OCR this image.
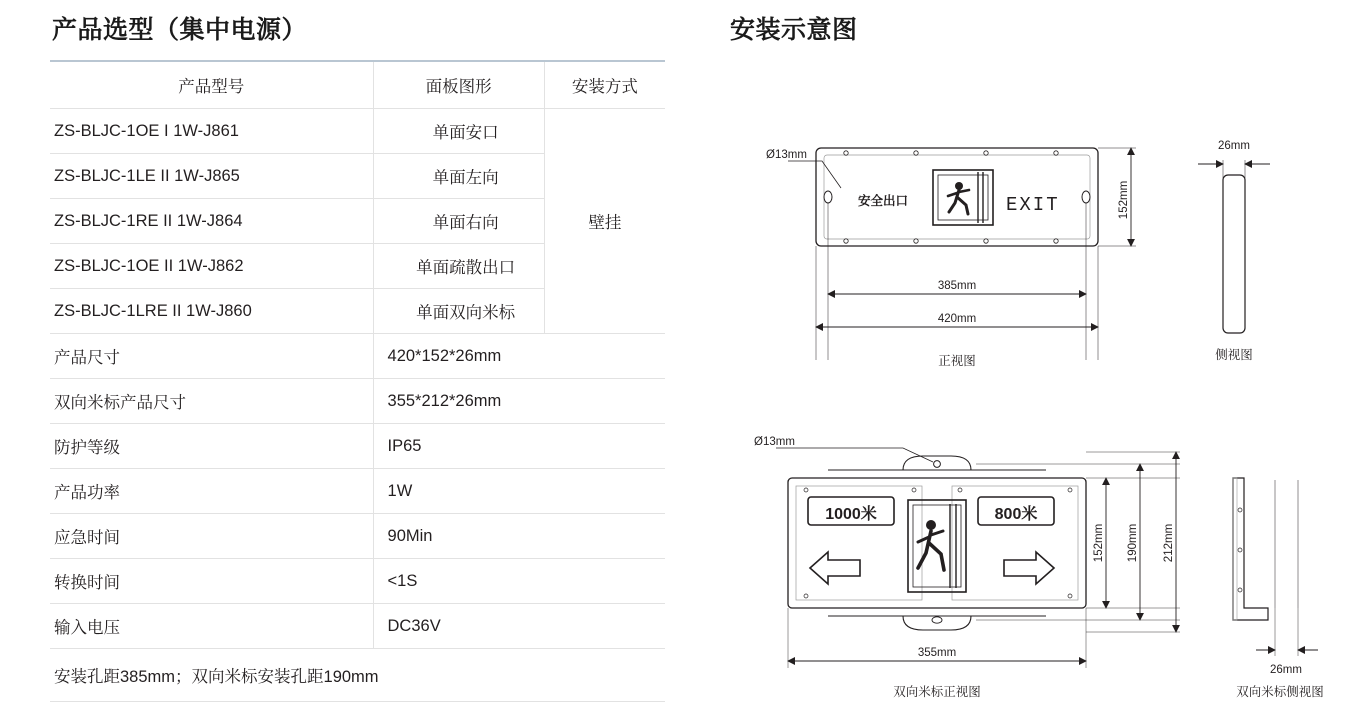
产品选型（集中电源）
产品型号	面板图形	安装方式
ZS-BLJC-1OE I 1W-J861	单面安口	壁挂
ZS-BLJC-1LE II 1W-J865	单面左向	
ZS-BLJC-1RE II 1W-J864	单面右向	
ZS-BLJC-1OE II 1W-J862	单面疏散出口	
ZS-BLJC-1LRE II 1W-J860	单面双向米标	
产品尺寸	420*152*26mm	
双向米标产品尺寸	355*212*26mm	
防护等级	IP65	
产品功率	1W	
应急时间	90Min	
转换时间	<1S	
输入电压	DC36V	
安装孔距385mm；双向米标安装孔距190mm		
安装示意图
安全出口	EXIT
Ø13mm
152mm
385mm
420mm
正视图
26mm
侧视图
1000米	800米
Ø13mm
152mm 190mm 212mm
355mm
双向米标正视图
26mm
双向米标侧视图
